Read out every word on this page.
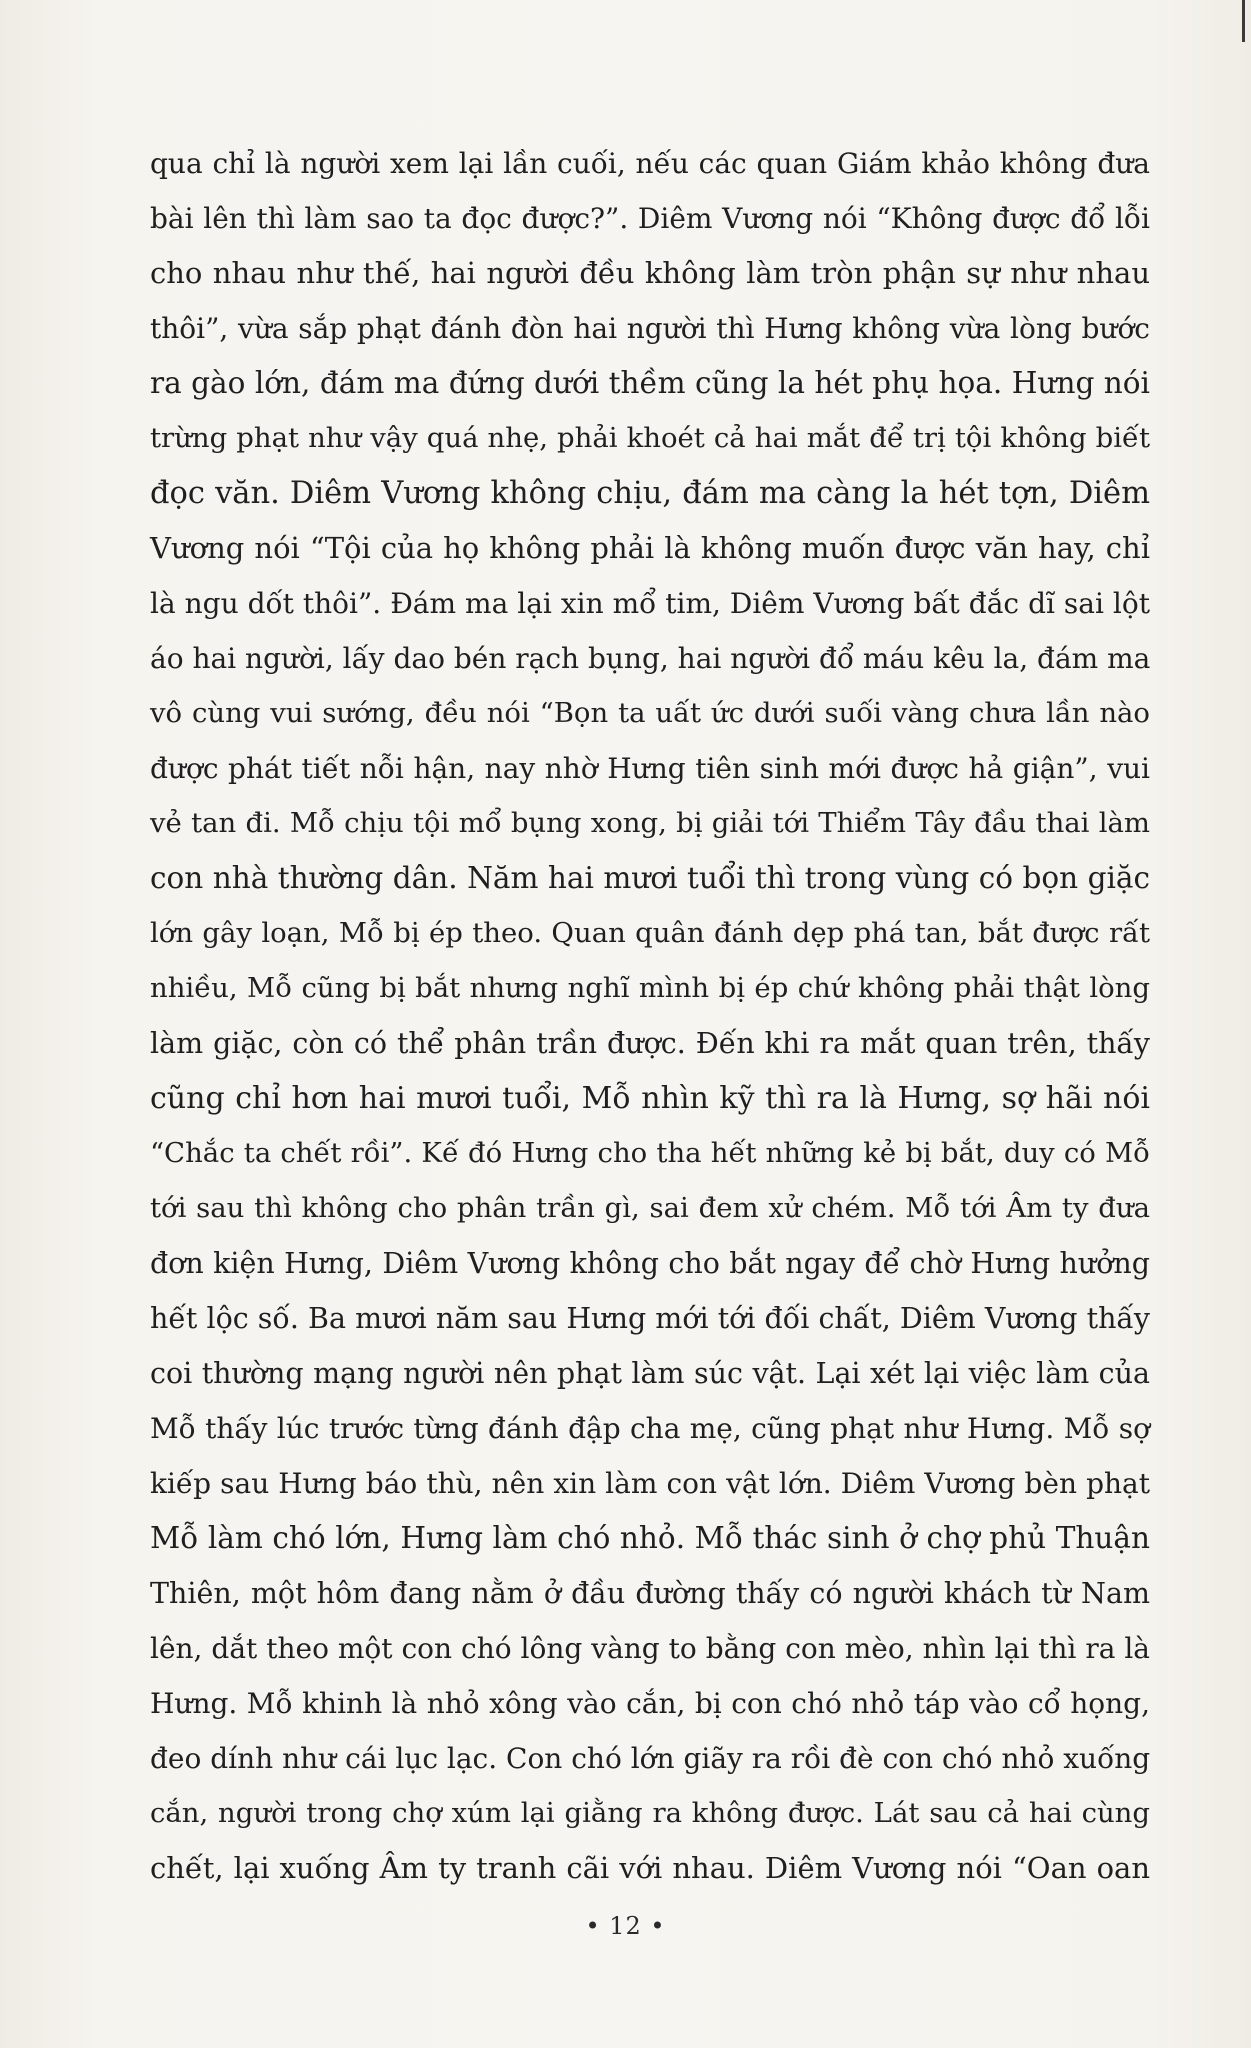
qua chỉ là người xem lại lần cuối, nếu các quan Giám khảo không đưa
bài lên thì làm sao ta đọc được?”. Diêm Vương nói “Không được đổ lỗi
cho nhau như thế, hai người đều không làm tròn phận sự như nhau
thôi”, vừa sắp phạt đánh đòn hai người thì Hưng không vừa lòng bước
ra gào lớn, đám ma đứng dưới thềm cũng la hét phụ họa. Hưng nói
trừng phạt như vậy quá nhẹ, phải khoét cả hai mắt để trị tội không biết
đọc văn. Diêm Vương không chịu, đám ma càng la hét tợn, Diêm
Vương nói “Tội của họ không phải là không muốn được văn hay, chỉ
là ngu dốt thôi”. Đám ma lại xin mổ tim, Diêm Vương bất đắc dĩ sai lột
áo hai người, lấy dao bén rạch bụng, hai người đổ máu kêu la, đám ma
vô cùng vui sướng, đều nói “Bọn ta uất ức dưới suối vàng chưa lần nào
được phát tiết nỗi hận, nay nhờ Hưng tiên sinh mới được hả giận”, vui
vẻ tan đi. Mỗ chịu tội mổ bụng xong, bị giải tới Thiểm Tây đầu thai làm
con nhà thường dân. Năm hai mươi tuổi thì trong vùng có bọn giặc
lớn gây loạn, Mỗ bị ép theo. Quan quân đánh dẹp phá tan, bắt được rất
nhiều, Mỗ cũng bị bắt nhưng nghĩ mình bị ép chứ không phải thật lòng
làm giặc, còn có thể phân trần được. Đến khi ra mắt quan trên, thấy
cũng chỉ hơn hai mươi tuổi, Mỗ nhìn kỹ thì ra là Hưng, sợ hãi nói
“Chắc ta chết rồi”. Kế đó Hưng cho tha hết những kẻ bị bắt, duy có Mỗ
tới sau thì không cho phân trần gì, sai đem xử chém. Mỗ tới Âm ty đưa
đơn kiện Hưng, Diêm Vương không cho bắt ngay để chờ Hưng hưởng
hết lộc số. Ba mươi năm sau Hưng mới tới đối chất, Diêm Vương thấy
coi thường mạng người nên phạt làm súc vật. Lại xét lại việc làm của
Mỗ thấy lúc trước từng đánh đập cha mẹ, cũng phạt như Hưng. Mỗ sợ
kiếp sau Hưng báo thù, nên xin làm con vật lớn. Diêm Vương bèn phạt
Mỗ làm chó lớn, Hưng làm chó nhỏ. Mỗ thác sinh ở chợ phủ Thuận
Thiên, một hôm đang nằm ở đầu đường thấy có người khách từ Nam
lên, dắt theo một con chó lông vàng to bằng con mèo, nhìn lại thì ra là
Hưng. Mỗ khinh là nhỏ xông vào cắn, bị con chó nhỏ táp vào cổ họng,
đeo dính như cái lục lạc. Con chó lớn giãy ra rồi đè con chó nhỏ xuống
cắn, người trong chợ xúm lại giằng ra không được. Lát sau cả hai cùng
chết, lại xuống Âm ty tranh cãi với nhau. Diêm Vương nói “Oan oan
• 12 •
